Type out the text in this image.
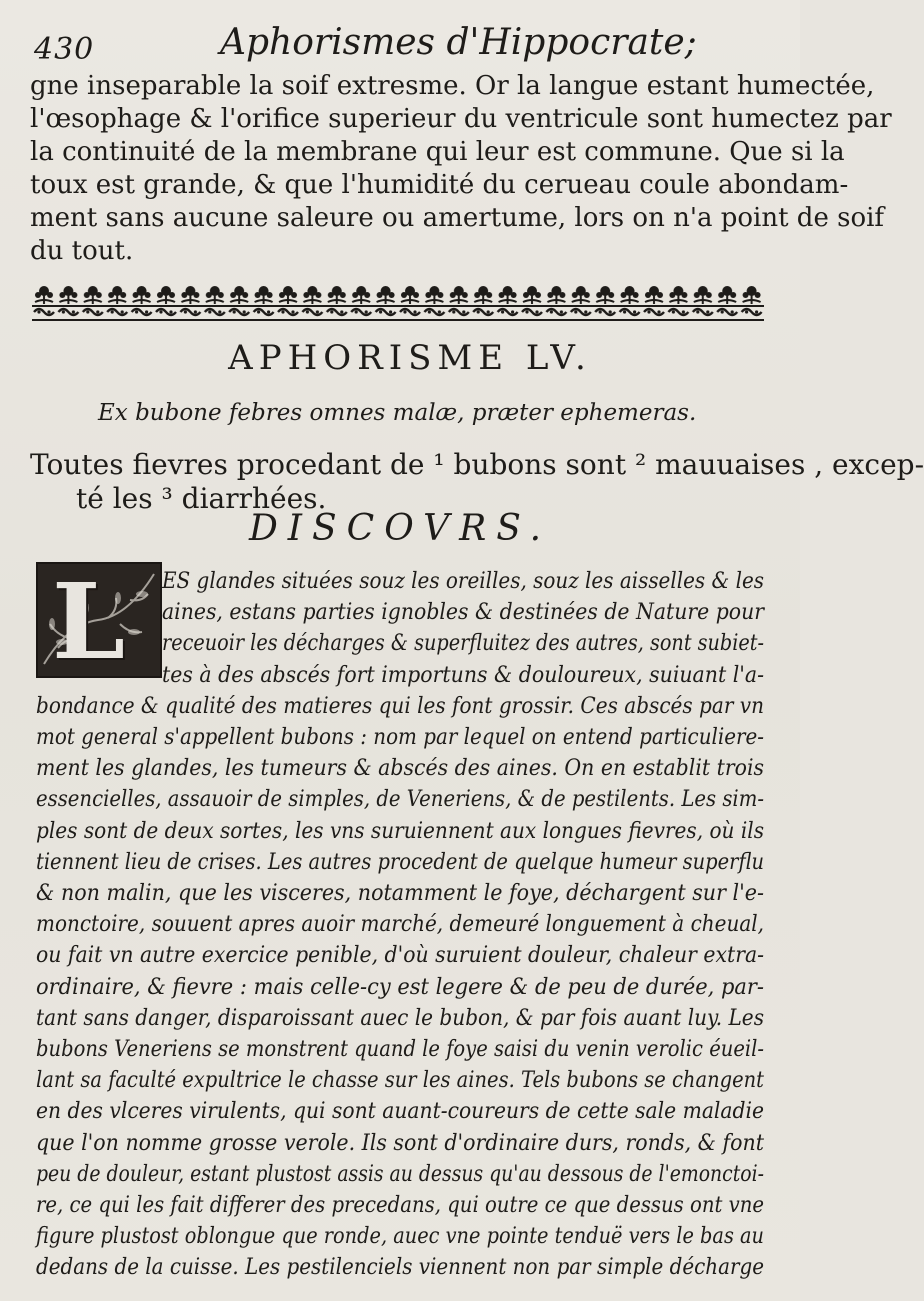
430	Aphorismes d'Hippocrate;
gne inseparable la soif extresme. Or la langue estant humectée,
l'œsophage & l'orifice superieur du ventricule sont humectez par
la continuité de la membrane qui leur est commune. Que si la
toux est grande, & que l'humidité du cerueau coule abondam-
ment sans aucune saleure ou amertume, lors on n'a point de soif
du tout.
APHORISME LV.
Ex bubone febres omnes malæ, præter ephemeras.
Toutes fievres procedant de ¹ bubons sont ² mauuaises , excep-
té les ³ diarrhées.
DISCOVRS.
L	ES glandes situées souz les oreilles, souz les aisselles & les
aines, estans parties ignobles & destinées de Nature pour
receuoir les décharges & superfluitez des autres, sont subiet-
tes à des abscés fort importuns & douloureux, suiuant l'a-
bondance & qualité des matieres qui les font grossir. Ces abscés par vn
mot general s'appellent bubons : nom par lequel on entend particuliere-
ment les glandes, les tumeurs & abscés des aines. On en establit trois
essencielles, assauoir de simples, de Veneriens, & de pestilents. Les sim-
ples sont de deux sortes, les vns suruiennent aux longues fievres, où ils
tiennent lieu de crises. Les autres procedent de quelque humeur superflu
& non malin, que les visceres, notamment le foye, déchargent sur l'e-
monctoire, souuent apres auoir marché, demeuré longuement à cheual,
ou fait vn autre exercice penible, d'où suruient douleur, chaleur extra-
ordinaire, & fievre : mais celle-cy est legere & de peu de durée, par-
tant sans danger, disparoissant auec le bubon, & par fois auant luy. Les
bubons Veneriens se monstrent quand le foye saisi du venin verolic éueil-
lant sa faculté expultrice le chasse sur les aines. Tels bubons se changent
en des vlceres virulents, qui sont auant-coureurs de cette sale maladie
que l'on nomme grosse verole. Ils sont d'ordinaire durs, ronds, & font
peu de douleur, estant plustost assis au dessus qu'au dessous de l'emonctoi-
re, ce qui les fait differer des precedans, qui outre ce que dessus ont vne
figure plustost oblongue que ronde, auec vne pointe tenduë vers le bas au
dedans de la cuisse. Les pestilenciels viennent non par simple décharge
